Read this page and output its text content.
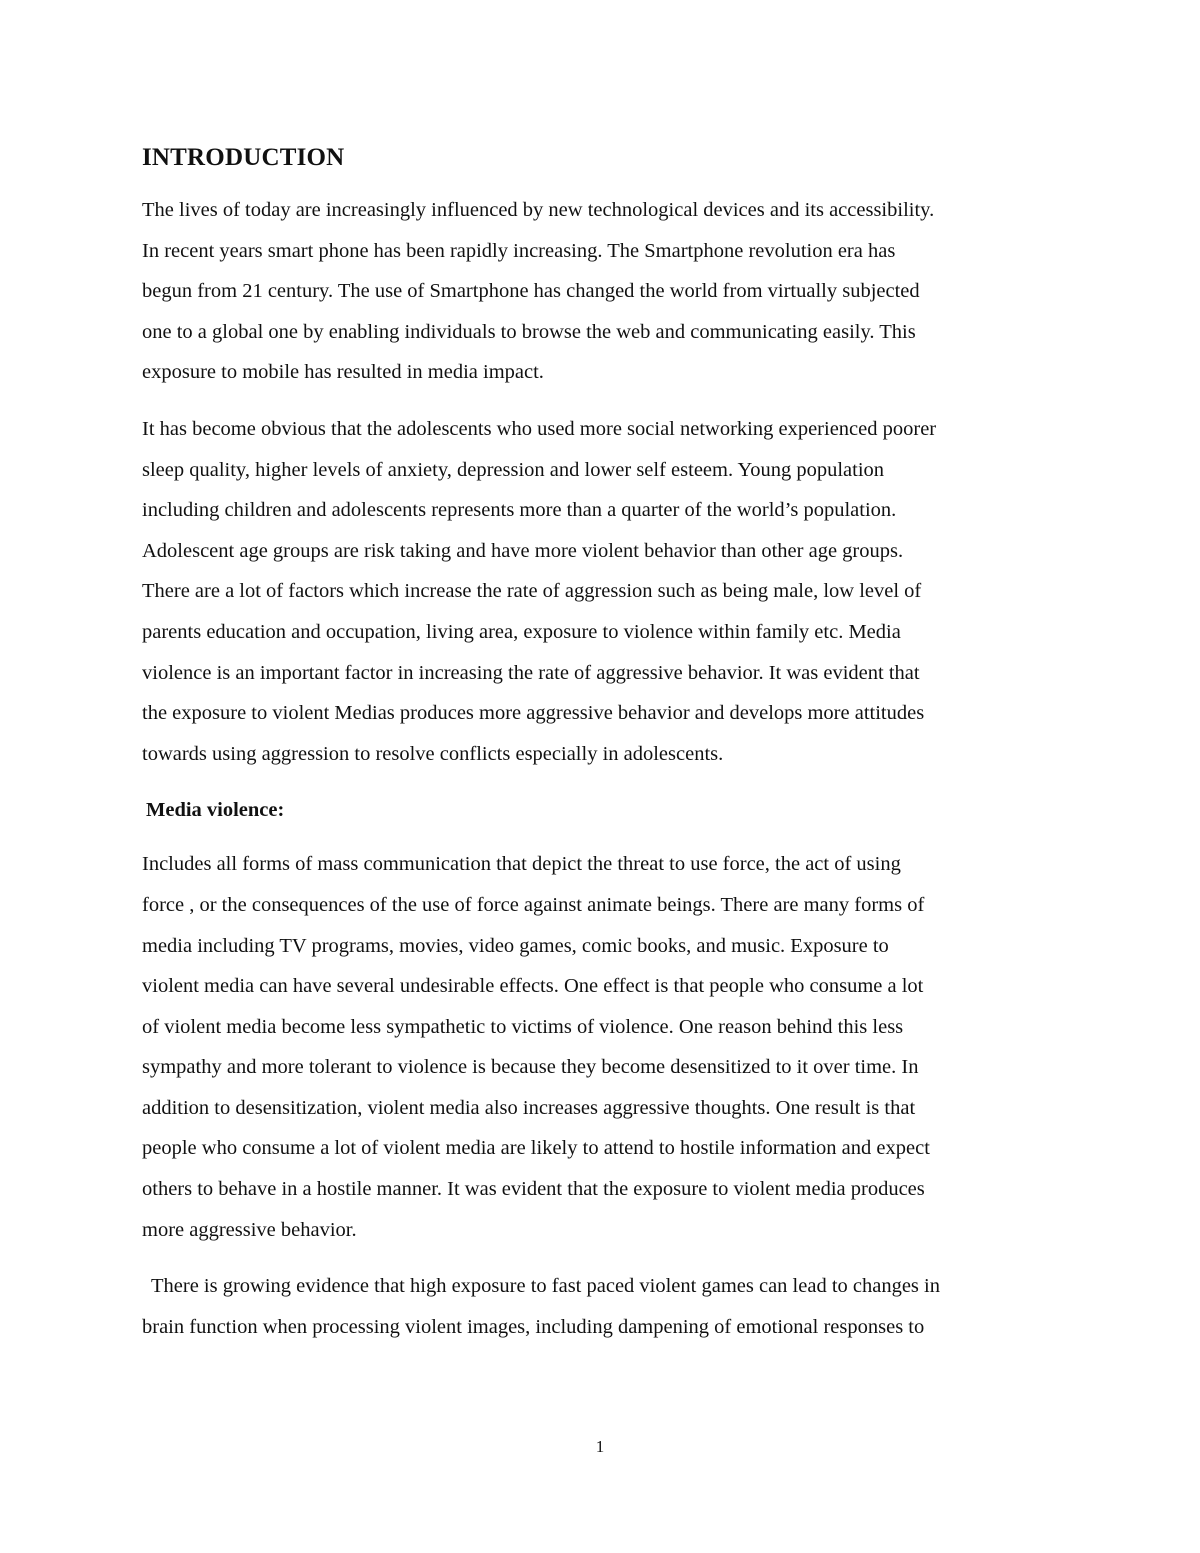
INTRODUCTION

The lives of today are increasingly influenced by new technological devices and its accessibility.
In recent years smart phone has been rapidly increasing. The Smartphone revolution era has
begun from 21 century. The use of Smartphone has changed the world from virtually subjected
one to a global one by enabling individuals to browse the web and communicating easily. This
exposure to mobile has resulted in media impact.

It has become obvious that the adolescents who used more social networking experienced poorer
sleep quality, higher levels of anxiety, depression and lower self esteem. Young population
including children and adolescents represents more than a quarter of the world’s population.
Adolescent age groups are risk taking and have more violent behavior than other age groups.
There are a lot of factors which increase the rate of aggression such as being male, low level of
parents education and occupation, living area, exposure to violence within family etc. Media
violence is an important factor in increasing the rate of aggressive behavior. It was evident that
the exposure to violent Medias produces more aggressive behavior and develops more attitudes
towards using aggression to resolve conflicts especially in adolescents.

Media violence:

Includes all forms of mass communication that depict the threat to use force, the act of using
force , or the consequences of the use of force against animate beings. There are many forms of
media including TV programs, movies, video games, comic books, and music. Exposure to
violent media can have several undesirable effects. One effect is that people who consume a lot
of violent media become less sympathetic to victims of violence. One reason behind this less
sympathy and more tolerant to violence is because they become desensitized to it over time. In
addition to desensitization, violent media also increases aggressive thoughts. One result is that
people who consume a lot of violent media are likely to attend to hostile information and expect
others to behave in a hostile manner. It was evident that the exposure to violent media produces
more aggressive behavior.

There is growing evidence that high exposure to fast paced violent games can lead to changes in
brain function when processing violent images, including dampening of emotional responses to

1
